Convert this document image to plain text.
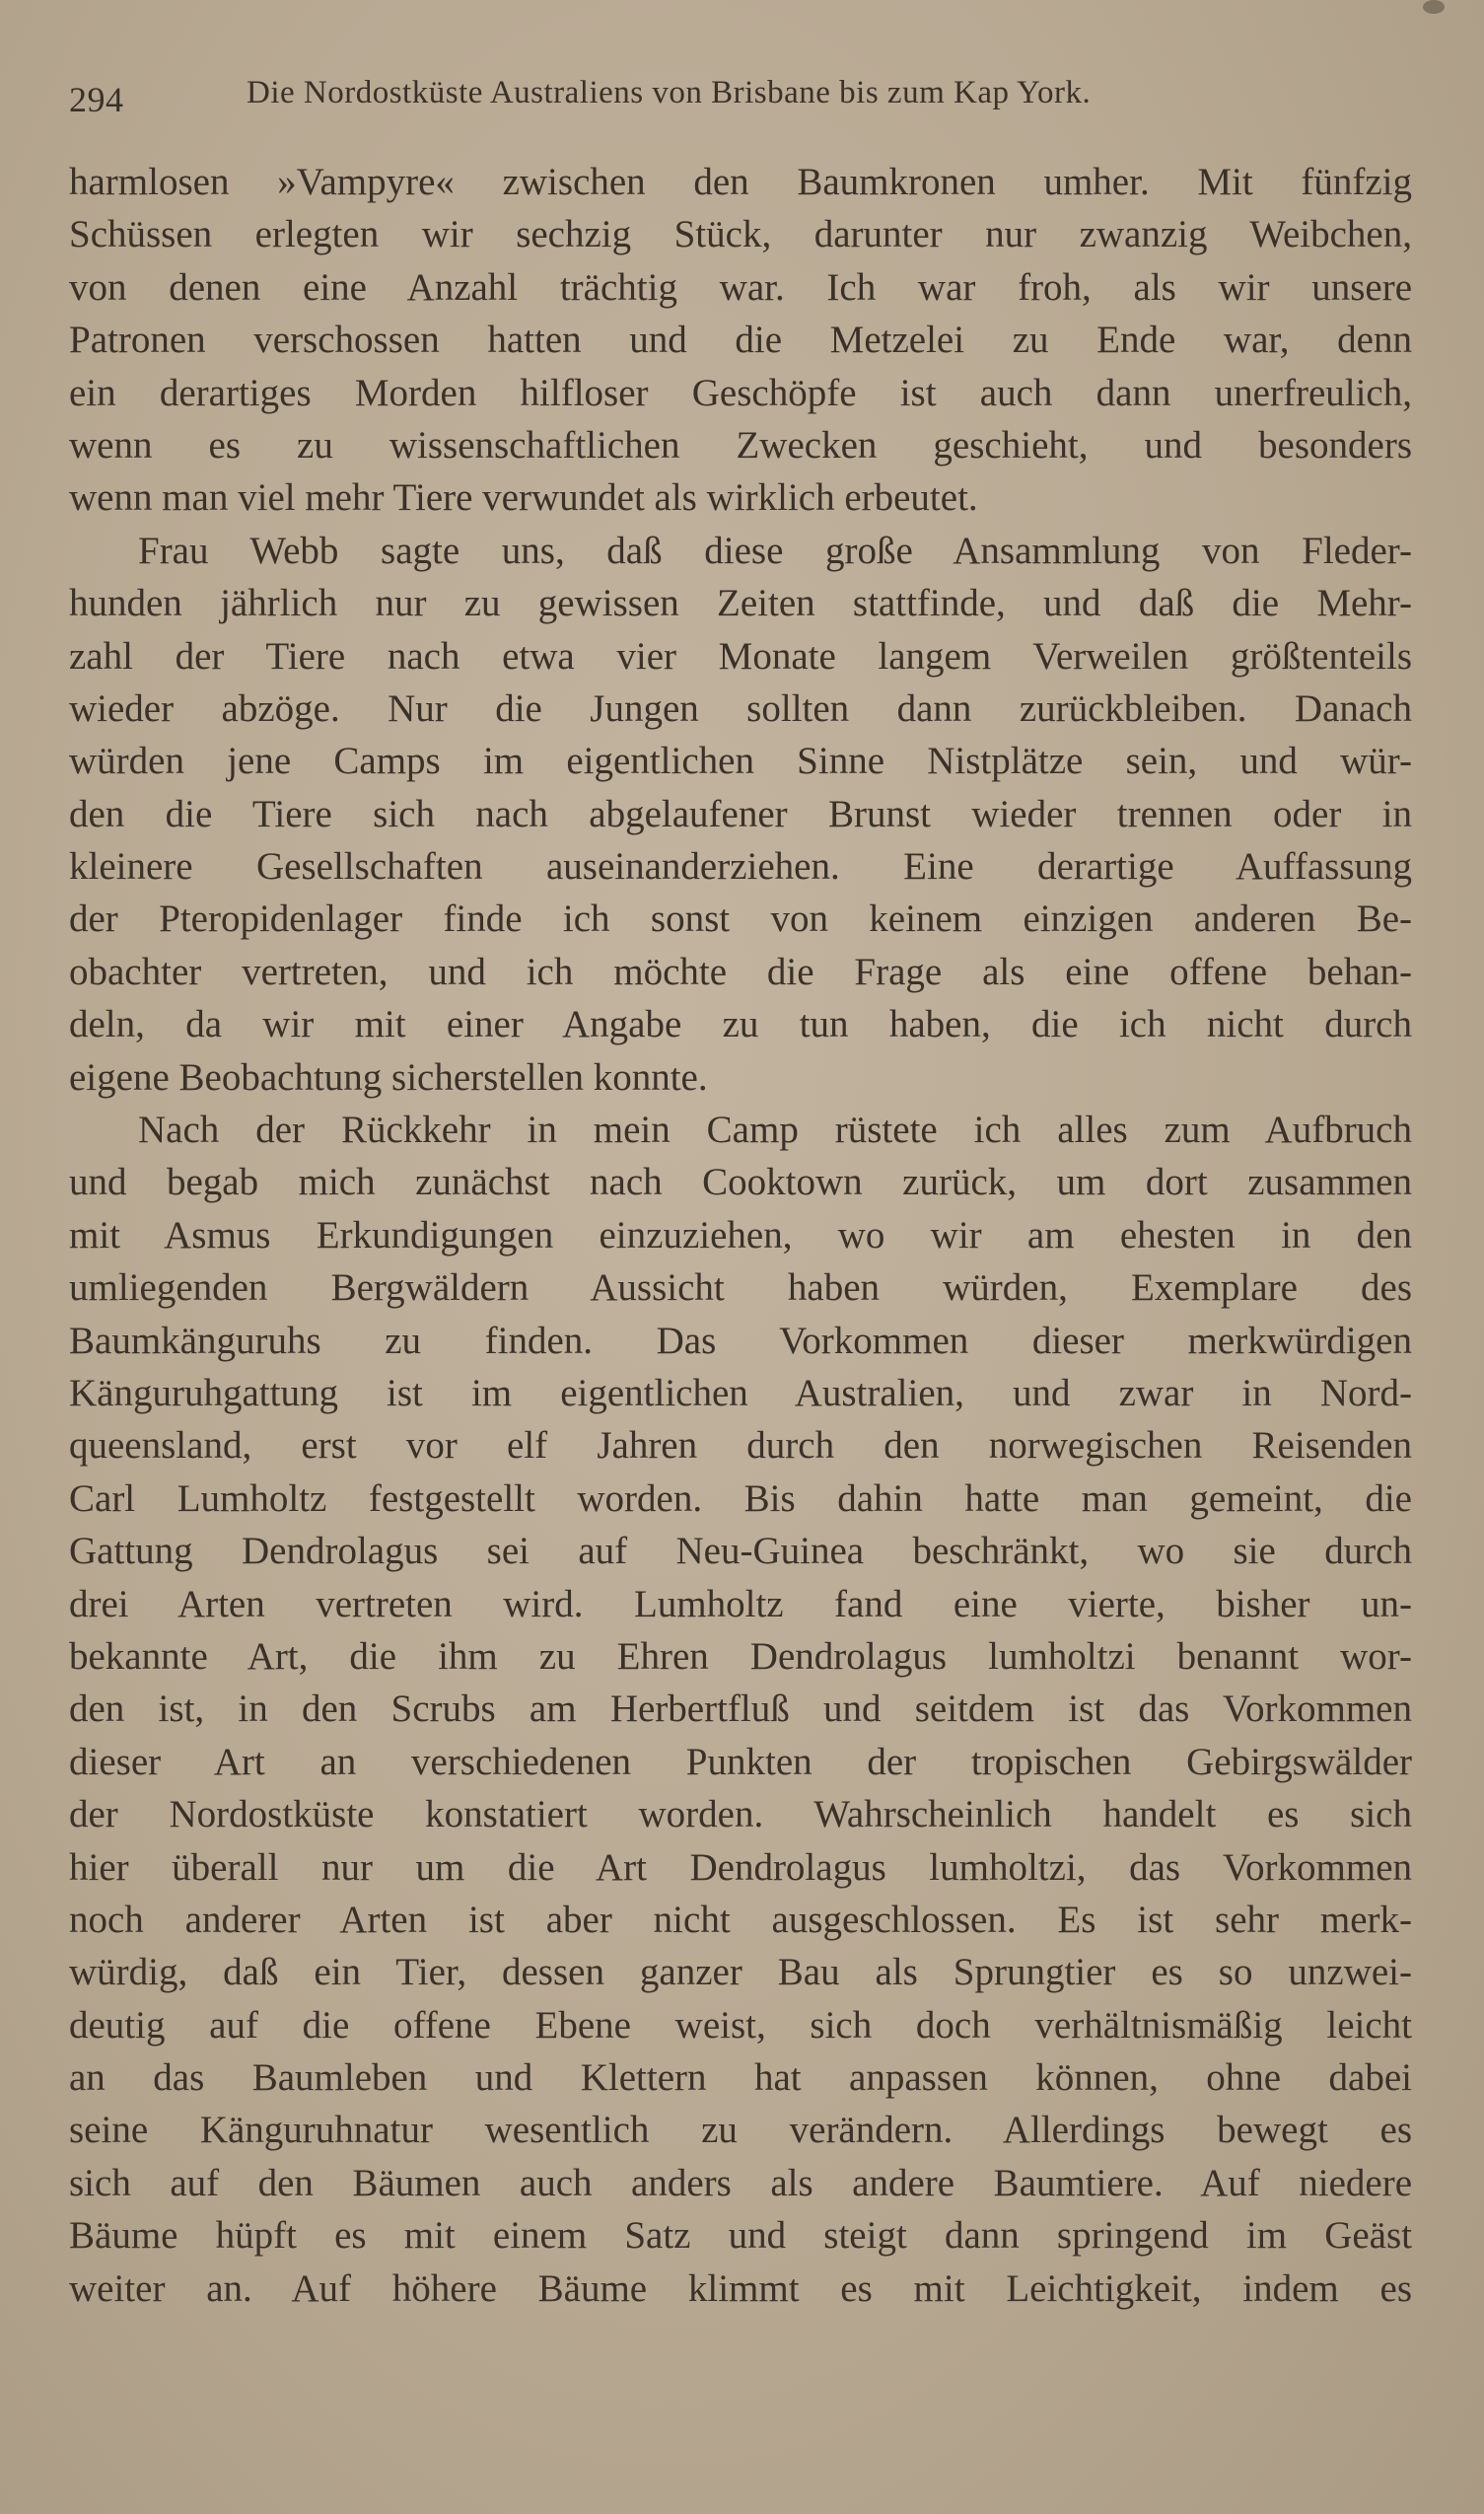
294	Die Nordostküste Australiens von Brisbane bis zum Kap York.
harmlosen »Vampyre« zwischen den Baumkronen umher. Mit fünfzig
Schüssen erlegten wir sechzig Stück, darunter nur zwanzig Weibchen,
von denen eine Anzahl trächtig war. Ich war froh, als wir unsere
Patronen verschossen hatten und die Metzelei zu Ende war, denn
ein derartiges Morden hilfloser Geschöpfe ist auch dann unerfreulich,
wenn es zu wissenschaftlichen Zwecken geschieht, und besonders
wenn man viel mehr Tiere verwundet als wirklich erbeutet.
Frau Webb sagte uns, daß diese große Ansammlung von Fleder-
hunden jährlich nur zu gewissen Zeiten stattfinde, und daß die Mehr-
zahl der Tiere nach etwa vier Monate langem Verweilen größtenteils
wieder abzöge. Nur die Jungen sollten dann zurückbleiben. Danach
würden jene Camps im eigentlichen Sinne Nistplätze sein, und wür-
den die Tiere sich nach abgelaufener Brunst wieder trennen oder in
kleinere Gesellschaften auseinanderziehen. Eine derartige Auffassung
der Pteropidenlager finde ich sonst von keinem einzigen anderen Be-
obachter vertreten, und ich möchte die Frage als eine offene behan-
deln, da wir mit einer Angabe zu tun haben, die ich nicht durch
eigene Beobachtung sicherstellen konnte.
Nach der Rückkehr in mein Camp rüstete ich alles zum Aufbruch
und begab mich zunächst nach Cooktown zurück, um dort zusammen
mit Asmus Erkundigungen einzuziehen, wo wir am ehesten in den
umliegenden Bergwäldern Aussicht haben würden, Exemplare des
Baumkänguruhs zu finden. Das Vorkommen dieser merkwürdigen
Känguruhgattung ist im eigentlichen Australien, und zwar in Nord-
queensland, erst vor elf Jahren durch den norwegischen Reisenden
Carl Lumholtz festgestellt worden. Bis dahin hatte man gemeint, die
Gattung Dendrolagus sei auf Neu-Guinea beschränkt, wo sie durch
drei Arten vertreten wird. Lumholtz fand eine vierte, bisher un-
bekannte Art, die ihm zu Ehren Dendrolagus lumholtzi benannt wor-
den ist, in den Scrubs am Herbertfluß und seitdem ist das Vorkommen
dieser Art an verschiedenen Punkten der tropischen Gebirgswälder
der Nordostküste konstatiert worden. Wahrscheinlich handelt es sich
hier überall nur um die Art Dendrolagus lumholtzi, das Vorkommen
noch anderer Arten ist aber nicht ausgeschlossen. Es ist sehr merk-
würdig, daß ein Tier, dessen ganzer Bau als Sprungtier es so unzwei-
deutig auf die offene Ebene weist, sich doch verhältnismäßig leicht
an das Baumleben und Klettern hat anpassen können, ohne dabei
seine Känguruhnatur wesentlich zu verändern. Allerdings bewegt es
sich auf den Bäumen auch anders als andere Baumtiere. Auf niedere
Bäume hüpft es mit einem Satz und steigt dann springend im Geäst
weiter an. Auf höhere Bäume klimmt es mit Leichtigkeit, indem es
